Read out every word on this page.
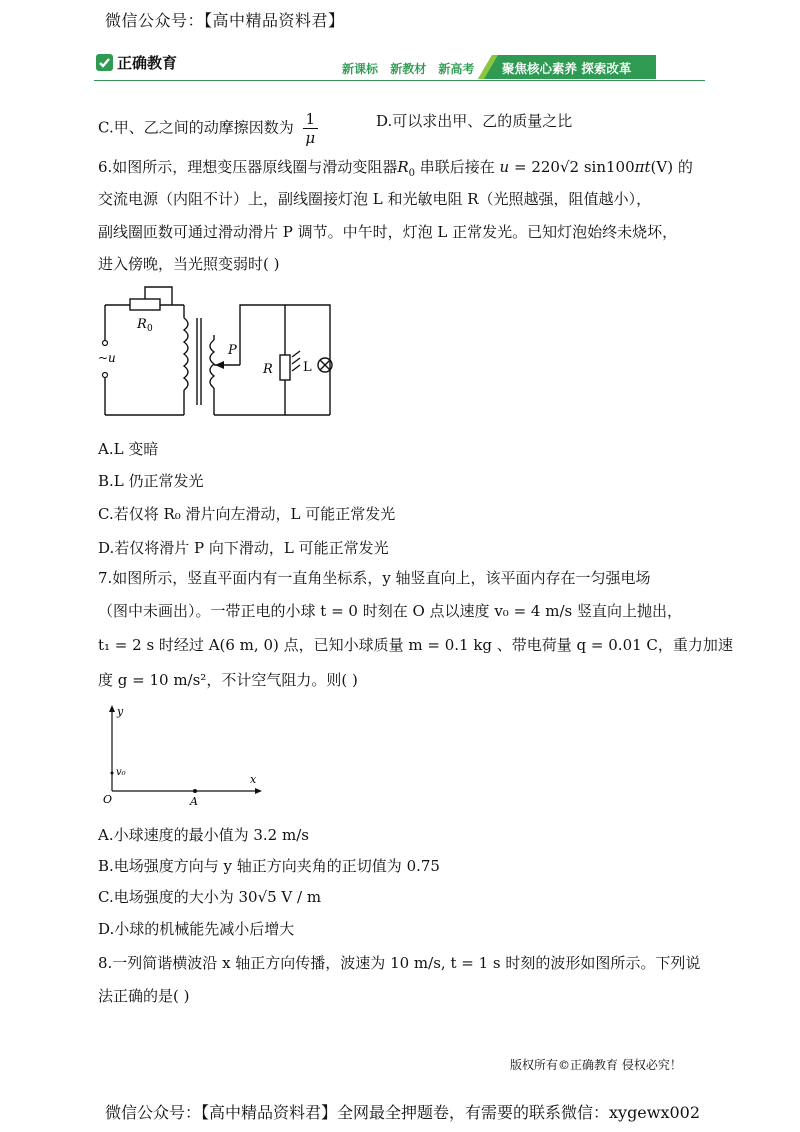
微信公众号：【高中精品资料君】
正确教育	新课标 新教材 新高考	聚焦核心素养 探索改革
C.甲、乙之间的动摩擦因数为 $\frac{1}{\mu}$	D.可以求出甲、乙的质量之比
6.如图所示，理想变压器原线圈与滑动变阻器$R_0$ 串联后接在 u = 220√2 sin100πt(V) 的
交流电源（内阻不计）上，副线圈接灯泡 L 和光敏电阻 R（光照越强，阻值越小），
副线圈匝数可通过滑动滑片 P 调节。中午时，灯泡 L 正常发光。已知灯泡始终未烧坏，
进入傍晚，当光照变弱时( )
R 0
~u	P
R L
A.L 变暗
B.L 仍正常发光
C.若仅将 R₀ 滑片向左滑动，L 可能正常发光
D.若仅将滑片 P 向下滑动，L 可能正常发光
7.如图所示，竖直平面内有一直角坐标系，y 轴竖直向上，该平面内存在一匀强电场
（图中未画出）。一带正电的小球 t = 0 时刻在 O 点以速度 v₀ = 4 m/s 竖直向上抛出，
t₁ = 2 s 时经过 A(6 m, 0) 点，已知小球质量 m = 0.1 kg 、带电荷量 q = 0.01 C，重力加速
度 g = 10 m/s²，不计空气阻力。则( )
y
x
O	A
v₀
A.小球速度的最小值为 3.2 m/s
B.电场强度方向与 y 轴正方向夹角的正切值为 0.75
C.电场强度的大小为 30√5 V / m
D.小球的机械能先减小后增大
8.一列简谐横波沿 x 轴正方向传播，波速为 10 m/s, t = 1 s 时刻的波形如图所示。下列说
法正确的是( )
版权所有©正确教育 侵权必究！
微信公众号：【高中精品资料君】全网最全押题卷，有需要的联系微信：xygewx002
